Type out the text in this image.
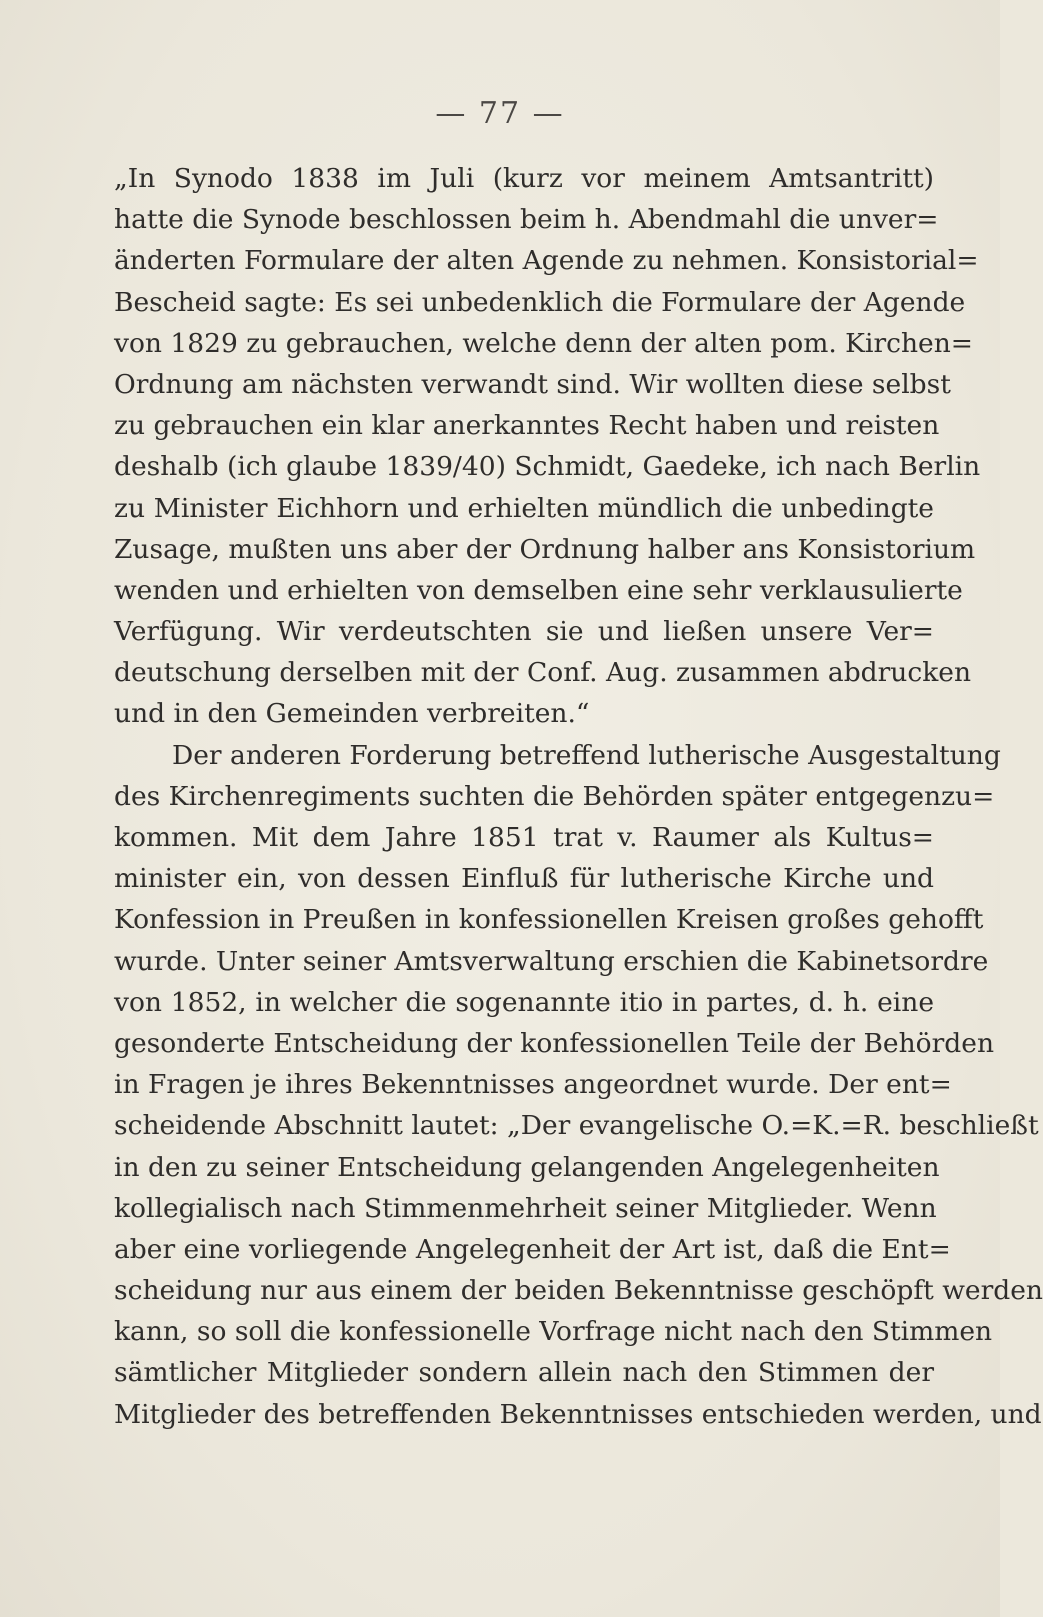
— 77 —
„In Synodo 1838 im Juli (kurz vor meinem Amtsantritt)
hatte die Synode beschlossen beim h. Abendmahl die unver=
änderten Formulare der alten Agende zu nehmen. Konsistorial=
Bescheid sagte: Es sei unbedenklich die Formulare der Agende
von 1829 zu gebrauchen, welche denn der alten pom. Kirchen=
Ordnung am nächsten verwandt sind. Wir wollten diese selbst
zu gebrauchen ein klar anerkanntes Recht haben und reisten
deshalb (ich glaube 1839/40) Schmidt, Gaedeke, ich nach Berlin
zu Minister Eichhorn und erhielten mündlich die unbedingte
Zusage, mußten uns aber der Ordnung halber ans Konsistorium
wenden und erhielten von demselben eine sehr verklausulierte
Verfügung. Wir verdeutschten sie und ließen unsere Ver=
deutschung derselben mit der Conf. Aug. zusammen abdrucken
und in den Gemeinden verbreiten.“
Der anderen Forderung betreffend lutherische Ausgestaltung
des Kirchenregiments suchten die Behörden später entgegenzu=
kommen. Mit dem Jahre 1851 trat v. Raumer als Kultus=
minister ein, von dessen Einfluß für lutherische Kirche und
Konfession in Preußen in konfessionellen Kreisen großes gehofft
wurde. Unter seiner Amtsverwaltung erschien die Kabinetsordre
von 1852, in welcher die sogenannte itio in partes, d. h. eine
gesonderte Entscheidung der konfessionellen Teile der Behörden
in Fragen je ihres Bekenntnisses angeordnet wurde. Der ent=
scheidende Abschnitt lautet: „Der evangelische O.=K.=R. beschließt
in den zu seiner Entscheidung gelangenden Angelegenheiten
kollegialisch nach Stimmenmehrheit seiner Mitglieder. Wenn
aber eine vorliegende Angelegenheit der Art ist, daß die Ent=
scheidung nur aus einem der beiden Bekenntnisse geschöpft werden
kann, so soll die konfessionelle Vorfrage nicht nach den Stimmen
sämtlicher Mitglieder sondern allein nach den Stimmen der
Mitglieder des betreffenden Bekenntnisses entschieden werden, und
